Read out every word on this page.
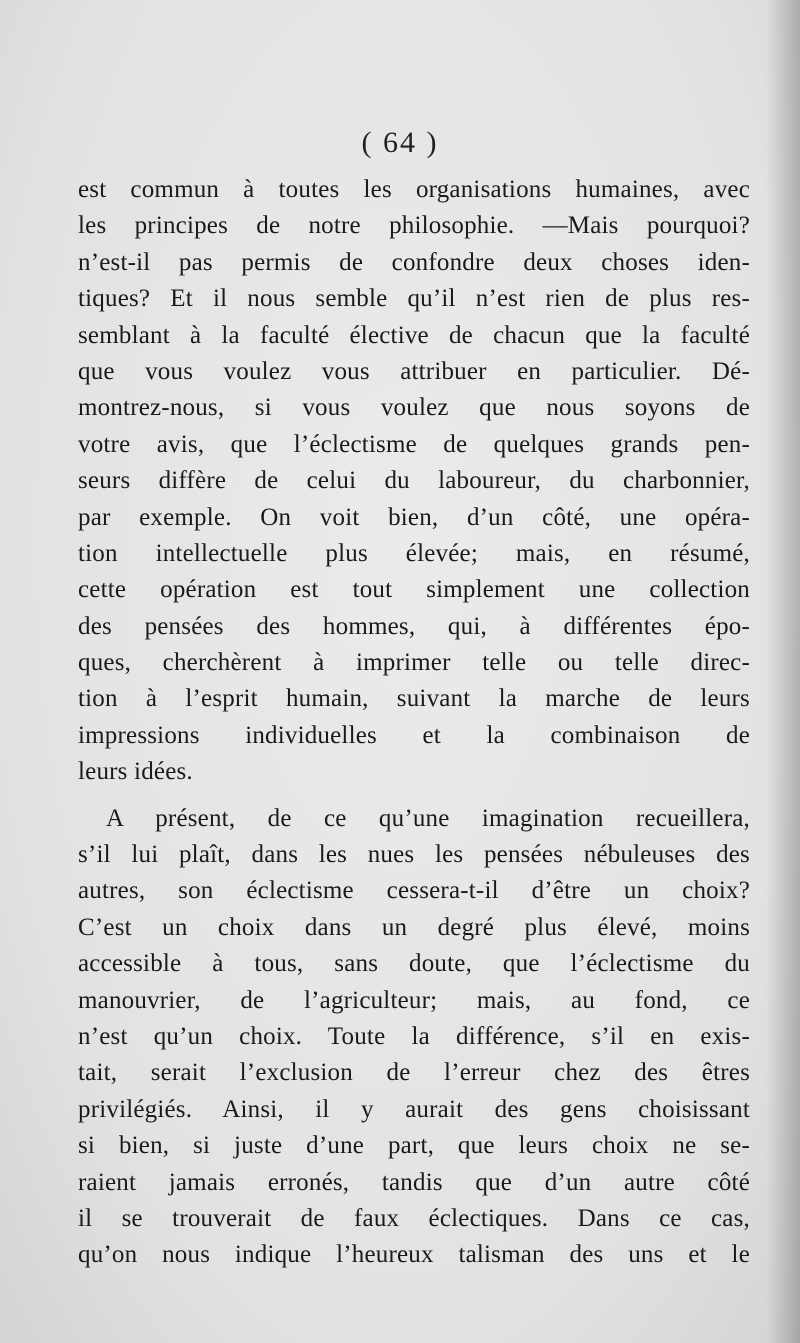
( 64 )
est commun à toutes les organisations humaines, avec
les principes de notre philosophie. —Mais pourquoi?
n’est-il pas permis de confondre deux choses iden-
tiques? Et il nous semble qu’il n’est rien de plus res-
semblant à la faculté élective de chacun que la faculté
que vous voulez vous attribuer en particulier. Dé-
montrez-nous, si vous voulez que nous soyons de
votre avis, que l’éclectisme de quelques grands pen-
seurs diffère de celui du laboureur, du charbonnier,
par exemple. On voit bien, d’un côté, une opéra-
tion intellectuelle plus élevée; mais, en résumé,
cette opération est tout simplement une collection
des pensées des hommes, qui, à différentes épo-
ques, cherchèrent à imprimer telle ou telle direc-
tion à l’esprit humain, suivant la marche de leurs
impressions individuelles et la combinaison de
leurs idées.
A présent, de ce qu’une imagination recueillera,
s’il lui plaît, dans les nues les pensées nébuleuses des
autres, son éclectisme cessera-t-il d’être un choix?
C’est un choix dans un degré plus élevé, moins
accessible à tous, sans doute, que l’éclectisme du
manouvrier, de l’agriculteur; mais, au fond, ce
n’est qu’un choix. Toute la différence, s’il en exis-
tait, serait l’exclusion de l’erreur chez des êtres
privilégiés. Ainsi, il y aurait des gens choisissant
si bien, si juste d’une part, que leurs choix ne se-
raient jamais erronés, tandis que d’un autre côté
il se trouverait de faux éclectiques. Dans ce cas,
qu’on nous indique l’heureux talisman des uns et le
